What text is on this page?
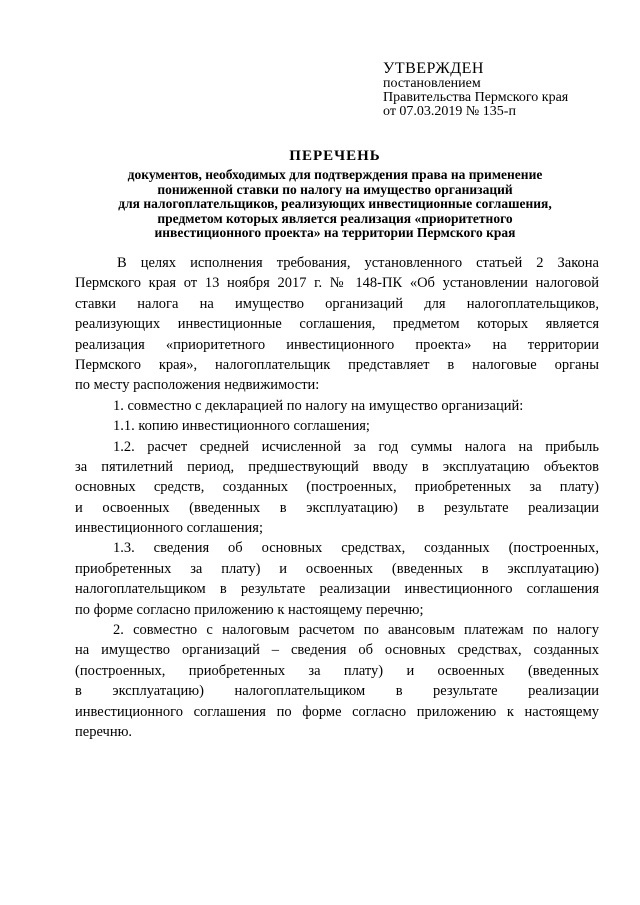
УТВЕРЖДЕН
постановлением
Правительства Пермского края
от 07.03.2019 № 135-п
ПЕРЕЧЕНЬ
документов, необходимых для подтверждения права на применение
пониженной ставки по налогу на имущество организаций
для налогоплательщиков, реализующих инвестиционные соглашения,
предметом которых является реализация «приоритетного
инвестиционного проекта» на территории Пермского края
В целях исполнения требования, установленного статьей 2 Закона
Пермского края от 13 ноября 2017 г. № 148-ПК «Об установлении налоговой
ставки налога на имущество организаций для налогоплательщиков,
реализующих инвестиционные соглашения, предметом которых является
реализация «приоритетного инвестиционного проекта» на территории
Пермского края», налогоплательщик представляет в налоговые органы
по месту расположения недвижимости:
1. совместно с декларацией по налогу на имущество организаций:
1.1. копию инвестиционного соглашения;
1.2. расчет средней исчисленной за год суммы налога на прибыль
за пятилетний период, предшествующий вводу в эксплуатацию объектов
основных средств, созданных (построенных, приобретенных за плату)
и освоенных (введенных в эксплуатацию) в результате реализации
инвестиционного соглашения;
1.3. сведения об основных средствах, созданных (построенных,
приобретенных за плату) и освоенных (введенных в эксплуатацию)
налогоплательщиком в результате реализации инвестиционного соглашения
по форме согласно приложению к настоящему перечню;
2. совместно с налоговым расчетом по авансовым платежам по налогу
на имущество организаций – сведения об основных средствах, созданных
(построенных, приобретенных за плату) и освоенных (введенных
в эксплуатацию) налогоплательщиком в результате реализации
инвестиционного соглашения по форме согласно приложению к настоящему
перечню.
